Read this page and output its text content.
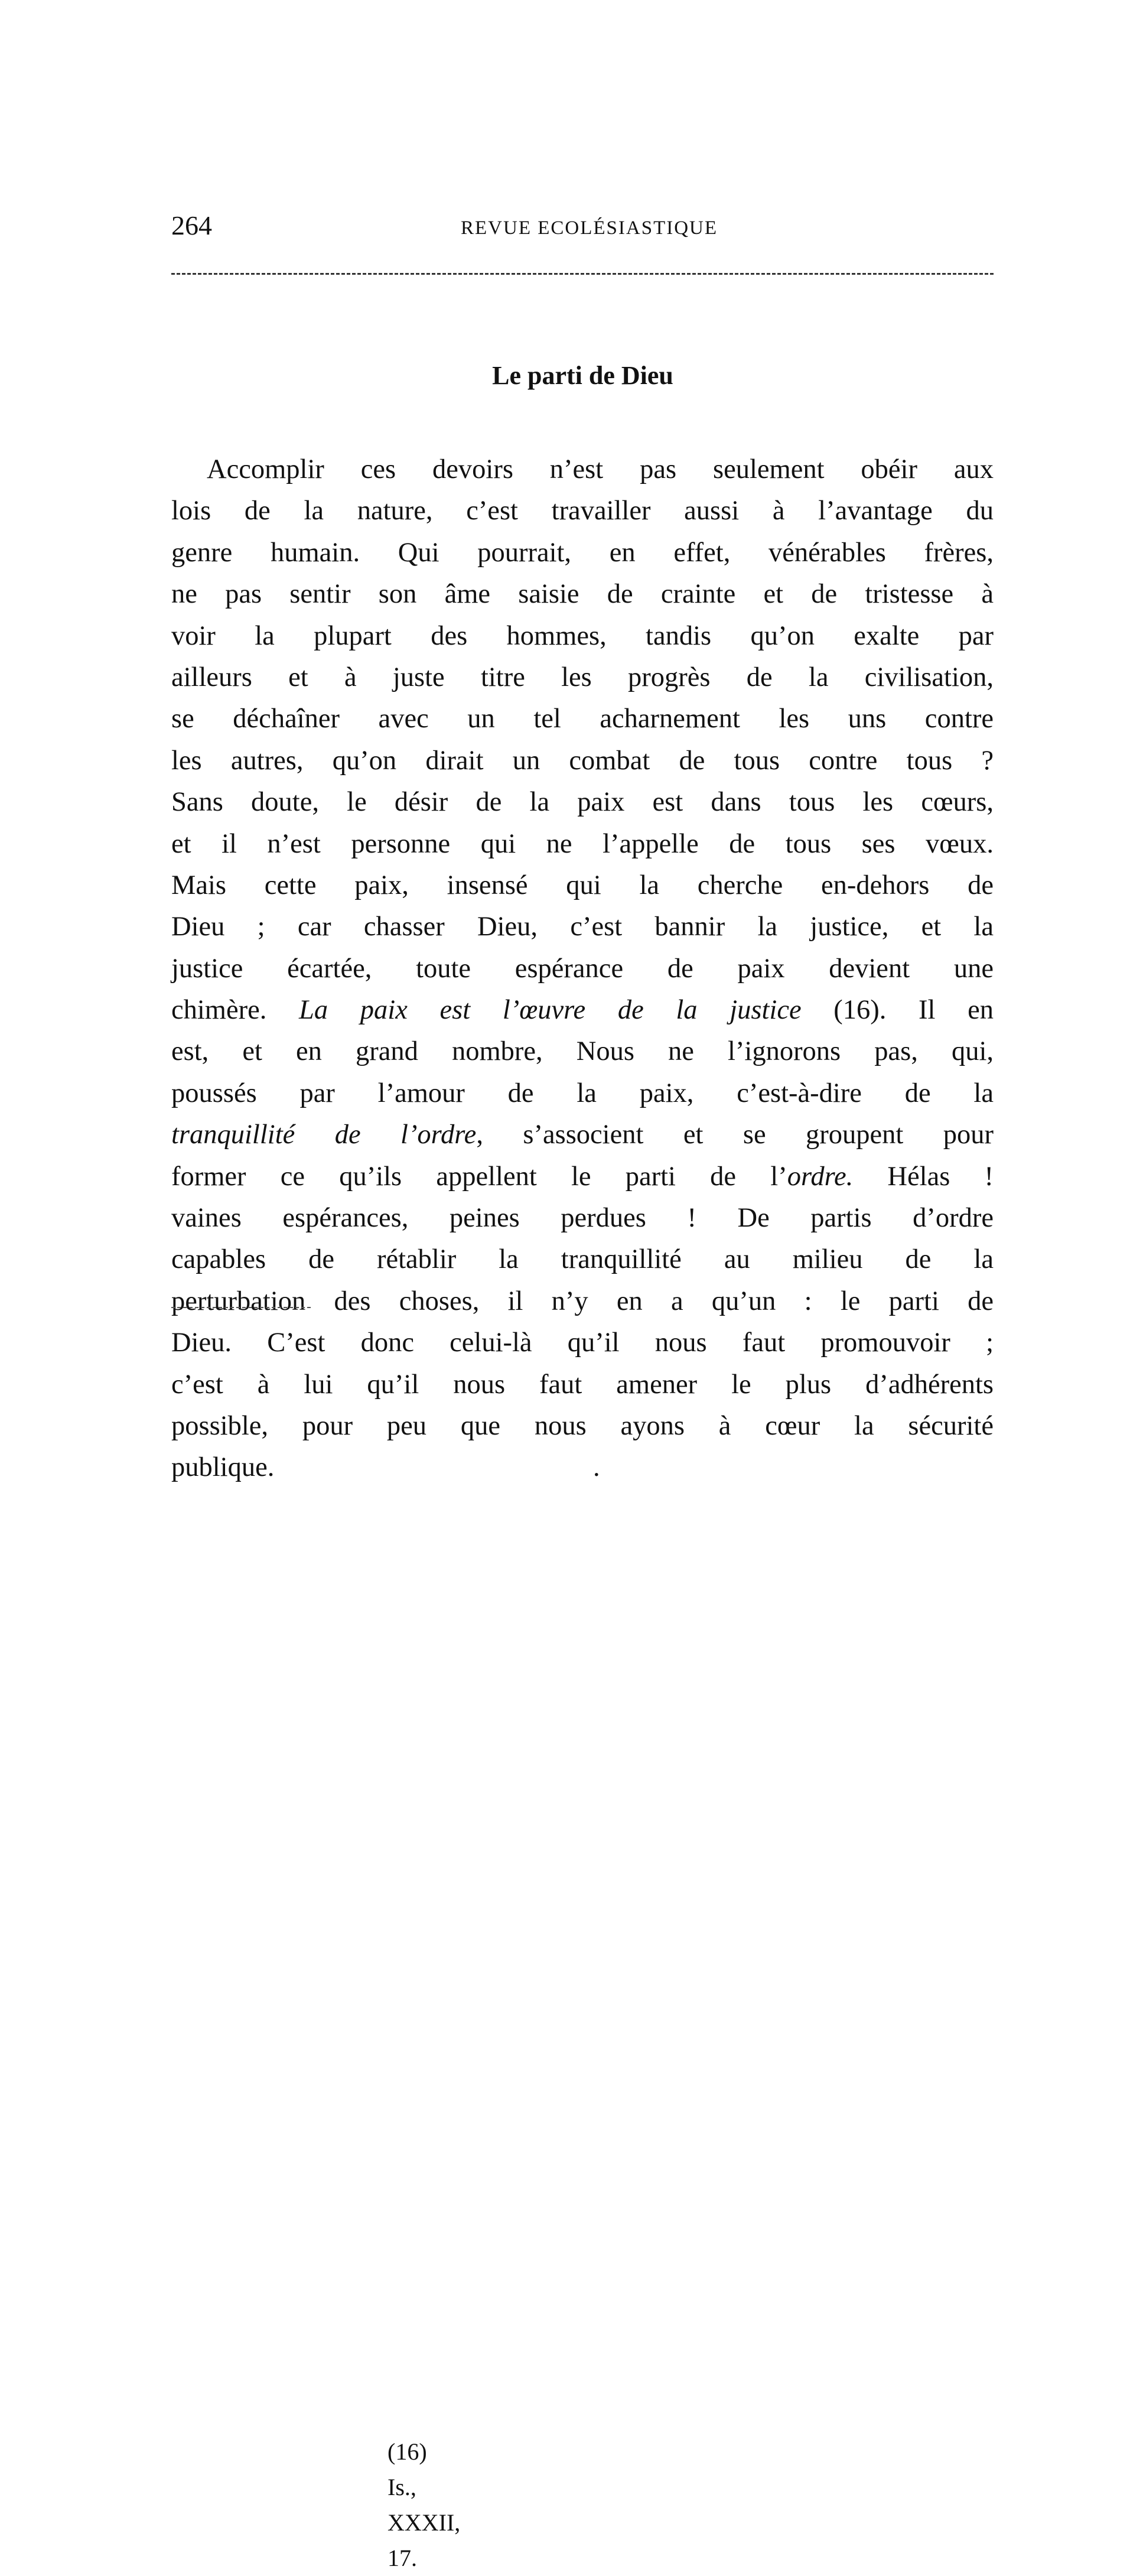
264	REVUE ECOLÉSIASTIQUE
Le parti de Dieu
Accomplir ces devoirs n’est pas seulement obéir aux
lois de la nature, c’est travailler aussi à l’avantage du
genre humain. Qui pourrait, en effet, vénérables frères,
ne pas sentir son âme saisie de crainte et de tristesse à
voir la plupart des hommes, tandis qu’on exalte par
ailleurs et à juste titre les progrès de la civilisation,
se déchaîner avec un tel acharnement les uns contre
les autres, qu’on dirait un combat de tous contre tous ?
Sans doute, le désir de la paix est dans tous les cœurs,
et il n’est personne qui ne l’appelle de tous ses vœux.
Mais cette paix, insensé qui la cherche en-dehors de
Dieu ; car chasser Dieu, c’est bannir la justice, et la
justice écartée, toute espérance de paix devient une
chimère. La paix est l’œuvre de la justice (16). Il en
est, et en grand nombre, Nous ne l’ignorons pas, qui,
poussés par l’amour de la paix, c’est-à-dire de la
tranquillité de l’ordre, s’associent et se groupent pour
former ce qu’ils appellent le parti de l’ordre. Hélas !
vaines espérances, peines perdues ! De partis d’ordre
capables de rétablir la tranquillité au milieu de la
perturbation des choses, il n’y en a qu’un : le parti de
Dieu. C’est donc celui-là qu’il nous faut promouvoir ;
c’est à lui qu’il nous faut amener le plus d’adhérents
possible, pour peu que nous ayons à cœur la sécurité
publique.	.
(16) Is., XXXII, 17.
